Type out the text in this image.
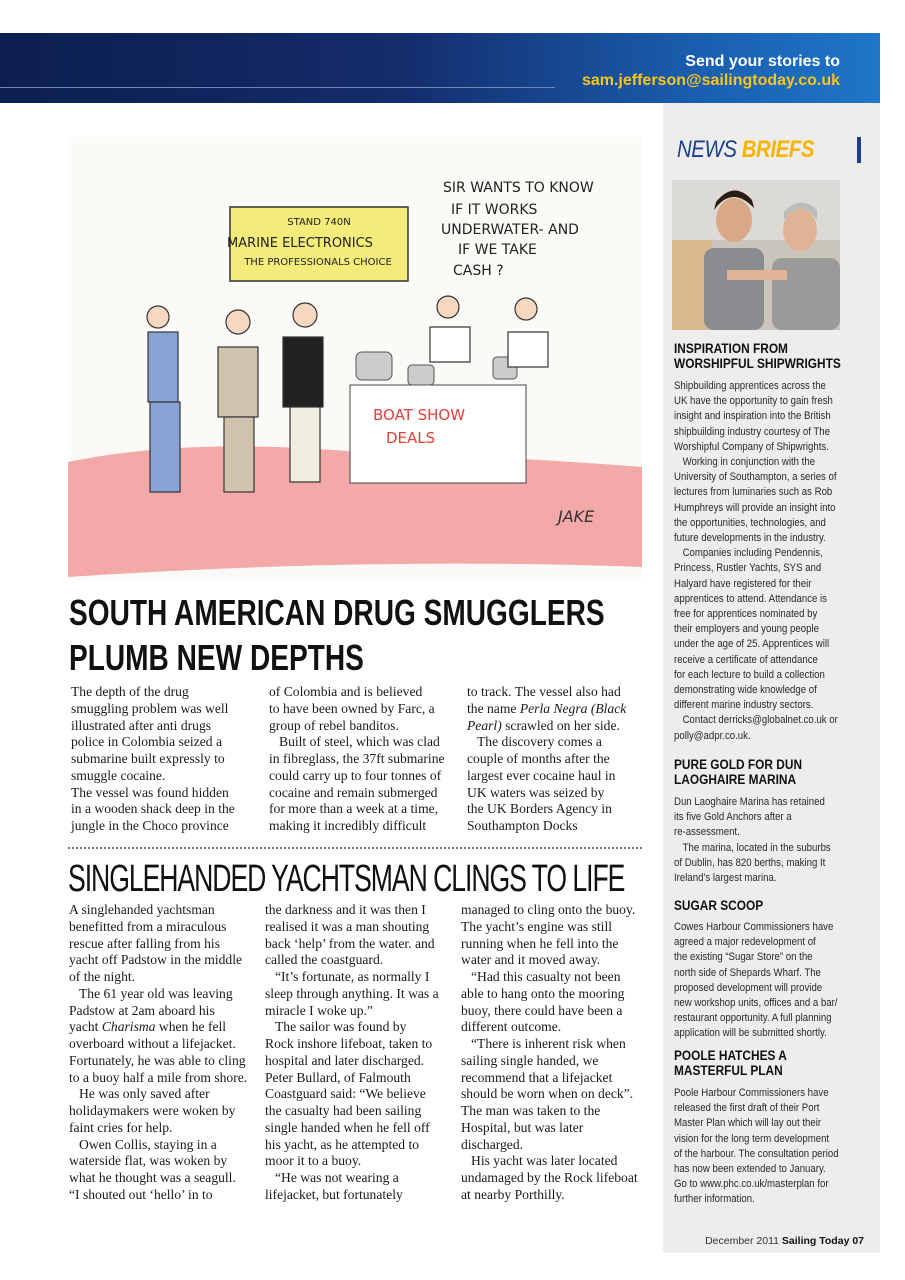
Send your stories to
sam.jefferson@sailingtoday.co.uk
STAND 740N
MARINE ELECTRONICS
THE PROFESSIONALS CHOICE
SIR WANTS TO KNOW
IF IT WORKS
UNDERWATER- AND
IF WE TAKE
CASH ?
BOAT SHOW
DEALS
JAKE
SOUTH AMERICAN DRUG SMUGGLERS
PLUMB NEW DEPTHS
The depth of the drug
smuggling problem was well
illustrated after anti drugs
police in Colombia seized a
submarine built expressly to
smuggle cocaine.
The vessel was found hidden
in a wooden shack deep in the
jungle in the Choco province
of Colombia and is believed
to have been owned by Farc, a
group of rebel banditos.
Built of steel, which was clad
in fibreglass, the 37ft submarine
could carry up to four tonnes of
cocaine and remain submerged
for more than a week at a time,
making it incredibly difficult
to track. The vessel also had
the name Perla Negra (Black
Pearl) scrawled on her side.
The discovery comes a
couple of months after the
largest ever cocaine haul in
UK waters was seized by
the UK Borders Agency in
Southampton Docks
SINGLEHANDED YACHTSMAN CLINGS TO LIFE
A singlehanded yachtsman
benefitted from a miraculous
rescue after falling from his
yacht off Padstow in the middle
of the night.
The 61 year old was leaving
Padstow at 2am aboard his
yacht Charisma when he fell
overboard without a lifejacket.
Fortunately, he was able to cling
to a buoy half a mile from shore.
He was only saved after
holidaymakers were woken by
faint cries for help.
Owen Collis, staying in a
waterside flat, was woken by
what he thought was a seagull.
“I shouted out ‘hello’ in to
the darkness and it was then I
realised it was a man shouting
back ‘help’ from the water. and
called the coastguard.
“It’s fortunate, as normally I
sleep through anything. It was a
miracle I woke up.”
The sailor was found by
Rock inshore lifeboat, taken to
hospital and later discharged.
Peter Bullard, of Falmouth
Coastguard said: “We believe
the casualty had been sailing
single handed when he fell off
his yacht, as he attempted to
moor it to a buoy.
“He was not wearing a
lifejacket, but fortunately
managed to cling onto the buoy.
The yacht’s engine was still
running when he fell into the
water and it moved away.
“Had this casualty not been
able to hang onto the mooring
buoy, there could have been a
different outcome.
“There is inherent risk when
sailing single handed, we
recommend that a lifejacket
should be worn when on deck”.
The man was taken to the
Hospital, but was later
discharged.
His yacht was later located
undamaged by the Rock lifeboat
at nearby Porthilly.
NEWS BRIEFS
INSPIRATION FROM
WORSHIPFUL SHIPWRIGHTS
Shipbuilding apprentices across the
UK have the opportunity to gain fresh
insight and inspiration into the British
shipbuilding industry courtesy of The
Worshipful Company of Shipwrights.
Working in conjunction with the
University of Southampton, a series of
lectures from luminaries such as Rob
Humphreys will provide an insight into
the opportunities, technologies, and
future developments in the industry.
Companies including Pendennis,
Princess, Rustler Yachts, SYS and
Halyard have registered for their
apprentices to attend. Attendance is
free for apprentices nominated by
their employers and young people
under the age of 25. Apprentices will
receive a certificate of attendance
for each lecture to build a collection
demonstrating wide knowledge of
different marine industry sectors.
Contact derricks@globalnet.co.uk or
polly@adpr.co.uk.
PURE GOLD FOR DUN
LAOGHAIRE MARINA
Dun Laoghaire Marina has retained
its five Gold Anchors after a
re-assessment.
The marina, located in the suburbs
of Dublin, has 820 berths, making It
Ireland’s largest marina.
SUGAR SCOOP
Cowes Harbour Commissioners have
agreed a major redevelopment of
the existing “Sugar Store” on the
north side of Shepards Wharf. The
proposed development will provide
new workshop units, offices and a bar/
restaurant opportunity. A full planning
application will be submitted shortly.
POOLE HATCHES A
MASTERFUL PLAN
Poole Harbour Commissioners have
released the first draft of their Port
Master Plan which will lay out their
vision for the long term development
of the harbour. The consultation period
has now been extended to January.
Go to www.phc.co.uk/masterplan for
further information.
December 2011 Sailing Today 07
